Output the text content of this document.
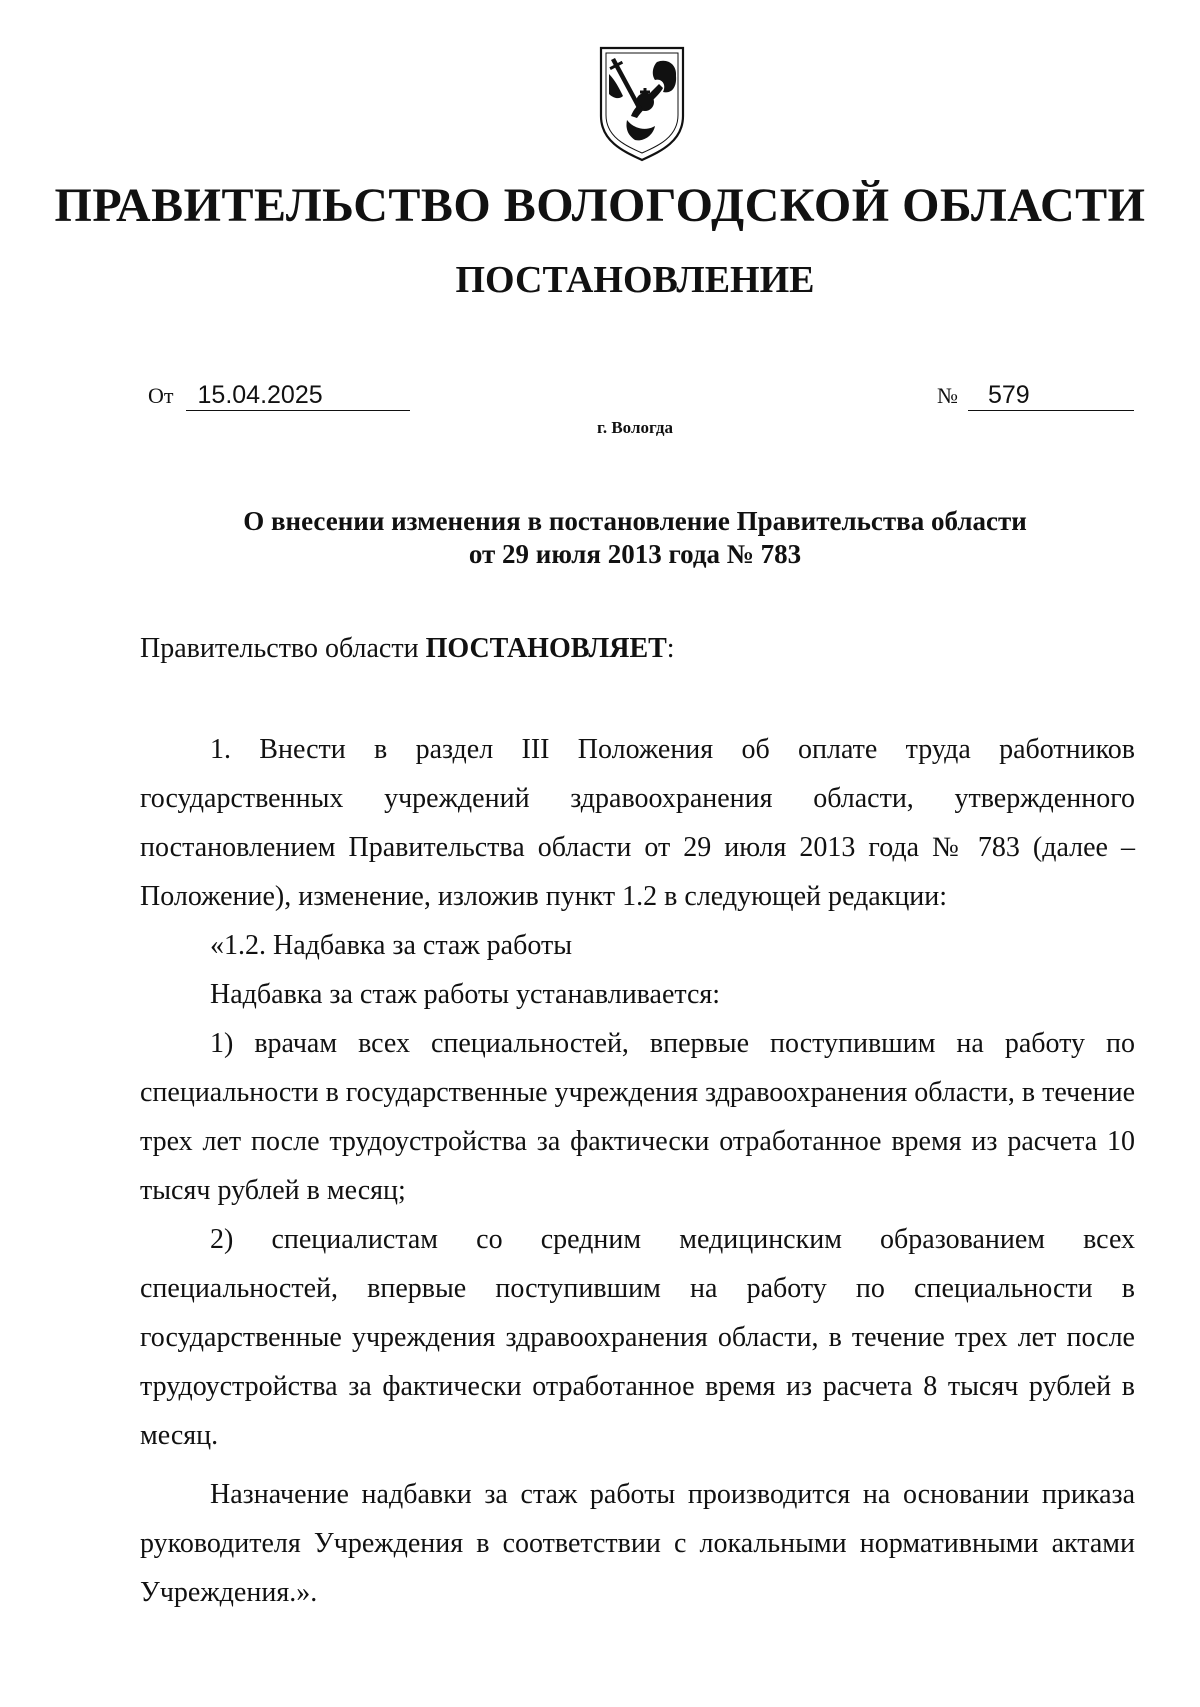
ПРАВИТЕЛЬСТВО ВОЛОГОДСКОЙ ОБЛАСТИ
ПОСТАНОВЛЕНИЕ
От 15.04.2025	№ 579
г. Вологда
О внесении изменения в постановление Правительства области
от 29 июля 2013 года № 783
Правительство области ПОСТАНОВЛЯЕТ:

1. Внести в раздел III Положения об оплате труда работников государственных учреждений здравоохранения области, утвержденного постановлением Правительства области от 29 июля 2013 года № 783 (далее – Положение), изменение, изложив пункт 1.2 в следующей редакции:

«1.2. Надбавка за стаж работы

Надбавка за стаж работы устанавливается:

1) врачам всех специальностей, впервые поступившим на работу по специальности в государственные учреждения здравоохранения области, в течение трех лет после трудоустройства за фактически отработанное время из расчета 10 тысяч рублей в месяц;

2) специалистам со средним медицинским образованием всех специальностей, впервые поступившим на работу по специальности в государственные учреждения здравоохранения области, в течение трех лет после трудоустройства за фактически отработанное время из расчета 8 тысяч рублей в месяц.

Назначение надбавки за стаж работы производится на основании приказа руководителя Учреждения в соответствии с локальными нормативными актами Учреждения.».
